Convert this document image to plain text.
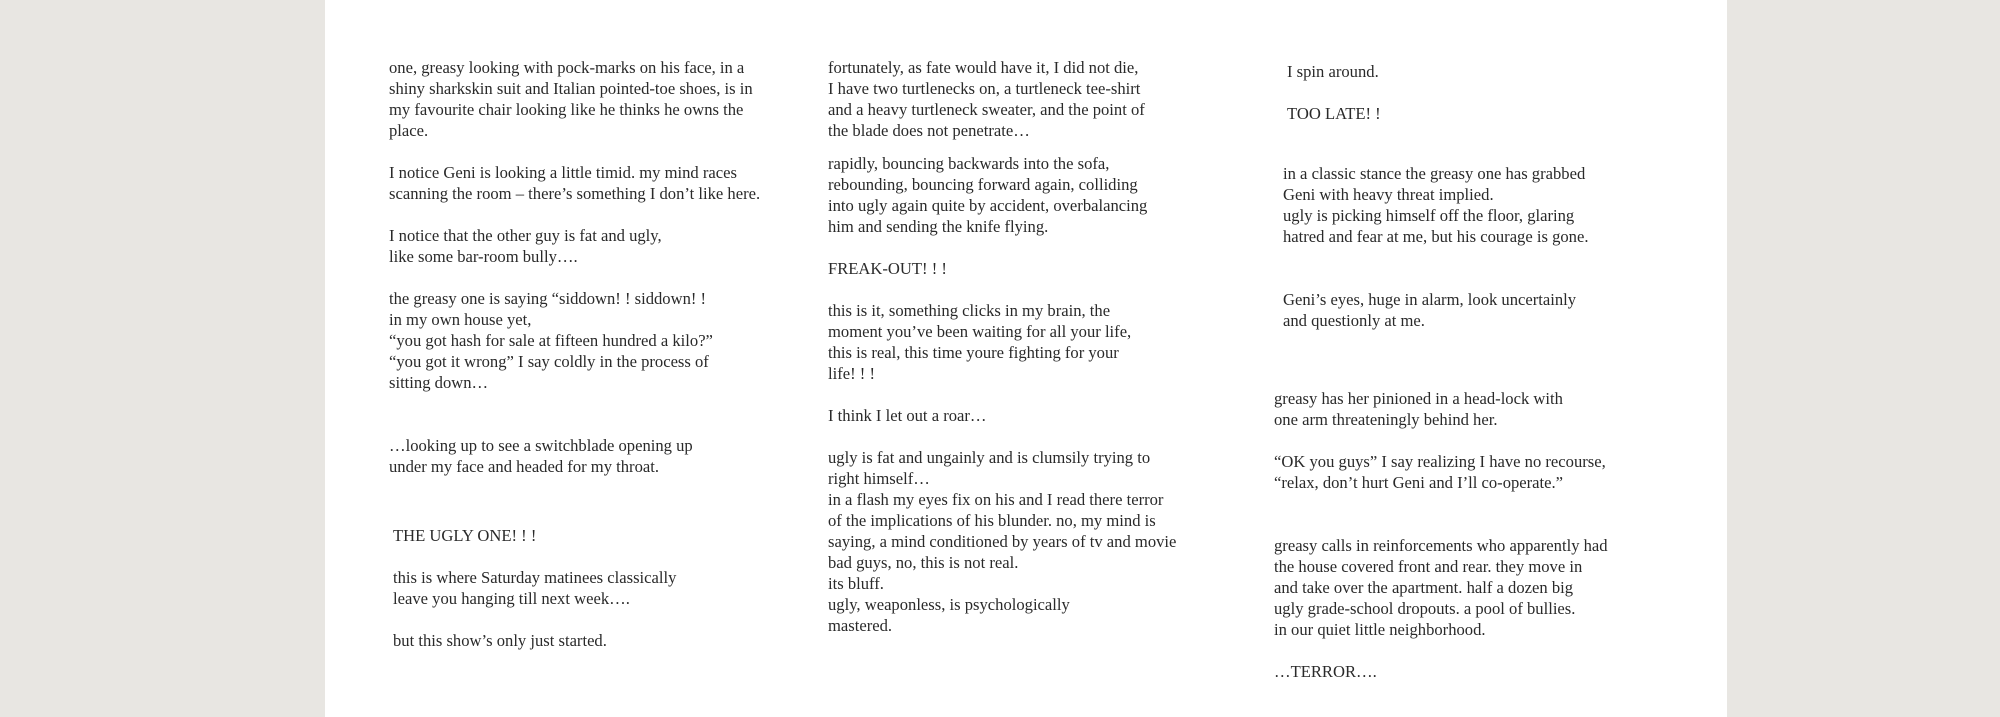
one, greasy looking with pock-marks on his face, in a
shiny sharkskin suit and Italian pointed-toe shoes, is in
my favourite chair looking like he thinks he owns the
place.

I notice Geni is looking a little timid. my mind races
scanning the room – there’s something I don’t like here.

I notice that the other guy is fat and ugly,
like some bar-room bully….

the greasy one is saying “siddown! ! siddown! !
in my own house yet,
“you got hash for sale at fifteen hundred a kilo?”
“you got it wrong” I say coldly in the process of
sitting down…

…looking up to see a switchblade opening up
under my face and headed for my throat.

THE UGLY ONE! ! !

this is where Saturday matinees classically
leave you hanging till next week….

but this show’s only just started.

fortunately, as fate would have it, I did not die,
I have two turtlenecks on, a turtleneck tee-shirt
and a heavy turtleneck sweater, and the point of
the blade does not penetrate…

rapidly, bouncing backwards into the sofa,
rebounding, bouncing forward again, colliding
into ugly again quite by accident, overbalancing
him and sending the knife flying.

FREAK-OUT! ! !

this is it, something clicks in my brain, the
moment you’ve been waiting for all your life,
this is real, this time youre fighting for your
life! ! !

I think I let out a roar…

ugly is fat and ungainly and is clumsily trying to
right himself…
in a flash my eyes fix on his and I read there terror
of the implications of his blunder. no, my mind is
saying, a mind conditioned by years of tv and movie
bad guys, no, this is not real.
its bluff.
ugly, weaponless, is psychologically
mastered.

I spin around.

TOO LATE! !

in a classic stance the greasy one has grabbed
Geni with heavy threat implied.
ugly is picking himself off the floor, glaring
hatred and fear at me, but his courage is gone.

Geni’s eyes, huge in alarm, look uncertainly
and questionly at me.

greasy has her pinioned in a head-lock with
one arm threateningly behind her.

“OK you guys” I say realizing I have no recourse,
“relax, don’t hurt Geni and I’ll co-operate.”

greasy calls in reinforcements who apparently had
the house covered front and rear. they move in
and take over the apartment. half a dozen big
ugly grade-school dropouts. a pool of bullies.
in our quiet little neighborhood.

…TERROR….
